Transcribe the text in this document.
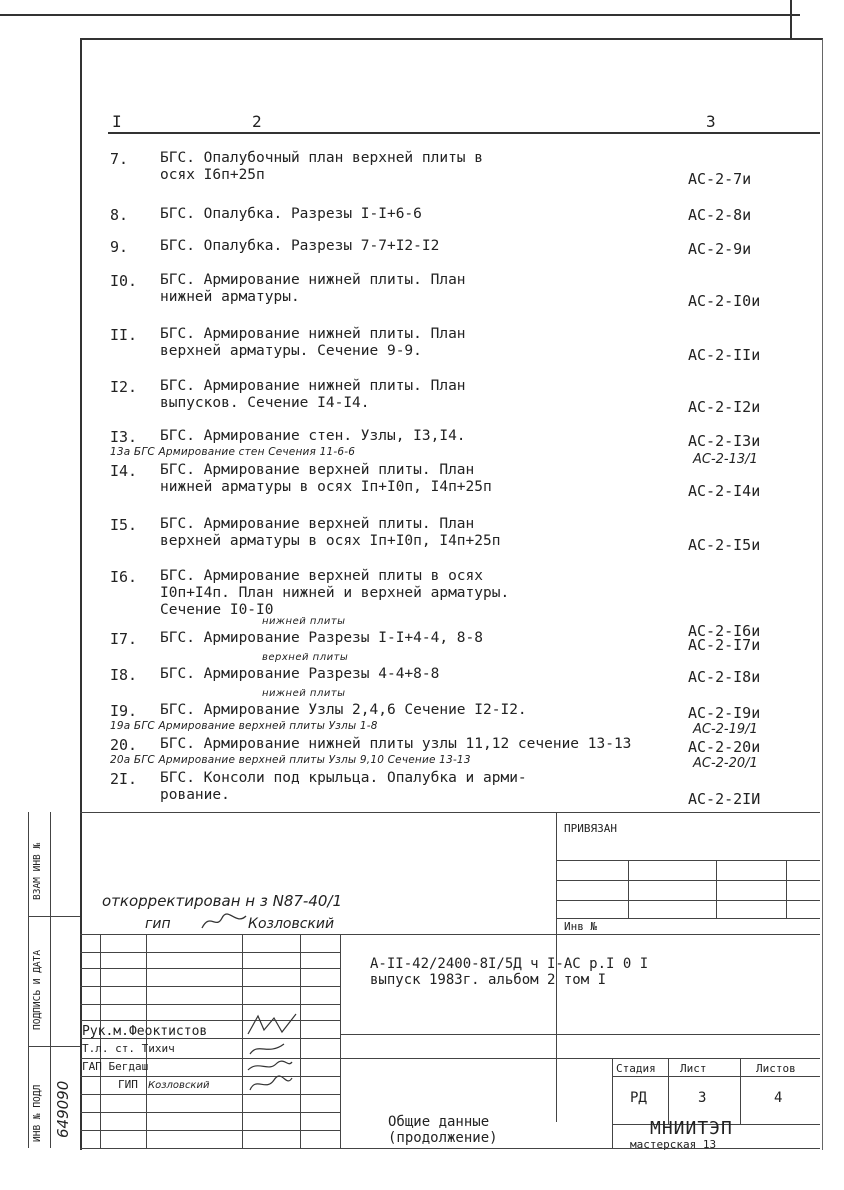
I	2	3
7. БГС. Опалубочный план верхней плиты в
осях I6п+25п	AC-2-7и
8. БГС. Опалубка. Разрезы I-I+6-6	AC-2-8и
9. БГС. Опалубка. Разрезы 7-7+I2-I2	AC-2-9и
I0. БГС. Армирование нижней плиты. План
нижней арматуры.	AC-2-I0и
II. БГС. Армирование нижней плиты. План
верхней арматуры. Сечение 9-9.	AC-2-IIи
I2. БГС. Армирование нижней плиты. План
выпусков. Сечение I4-I4.	AC-2-I2и
I3. БГС. Армирование стен. Узлы, I3,I4.	AC-2-I3и
13а БГС Армирование стен Сечения 11-6-6	AC-2-13/1
I4. БГС. Армирование верхней плиты. План
нижней арматуры в осях Iп+I0п, I4п+25п	AC-2-I4и
I5. БГС. Армирование верхней плиты. План
верхней арматуры в осях Iп+I0п, I4п+25п	AC-2-I5и
I6. БГС. Армирование верхней плиты в осях
I0п+I4п. План нижней и верхней арматуры.
Сечение I0-I0
AC-2-I6и
нижней плиты
I7. БГС. Армирование Разрезы I-I+4-4, 8-8	AC-2-I7и
верхней плиты
I8. БГС. Армирование Разрезы 4-4+8-8	AC-2-I8и
нижней плиты
I9. БГС. Армирование Узлы 2,4,6 Сечение I2-I2.	AC-2-I9и
19а БГС Армирование верхней плиты Узлы 1-8	AC-2-19/1
20. БГС. Армирование нижней плиты узлы 11,12 сечение 13-13	AC-2-20и
20а БГС Армирование верхней плиты Узлы 9,10 Сечение 13-13	AC-2-20/1
2I. БГС. Консоли под крыльца. Опалубка и арми-
рование.	AC-2-2IИ
ПРИВЯЗАН
Инв №
откорректирован н з N87-40/1
гип	Козловский
А-II-42/2400-8I/5Д ч I-АС р.I 0 I
выпуск 1983г. альбом 2 том I
Рук.м.Феоктистов
Т.л. ст. Тихич
ГАП Бегдаш
ГИП Козловский
Стадия Лист	Листов
РД	3	4
Общие данные
(продолжение)	МНИИТЭП
мастерская 13
ВЗАМ ИНВ №
ПОДПИСЬ И ДАТА
ИНВ № ПОДЛ 649090
